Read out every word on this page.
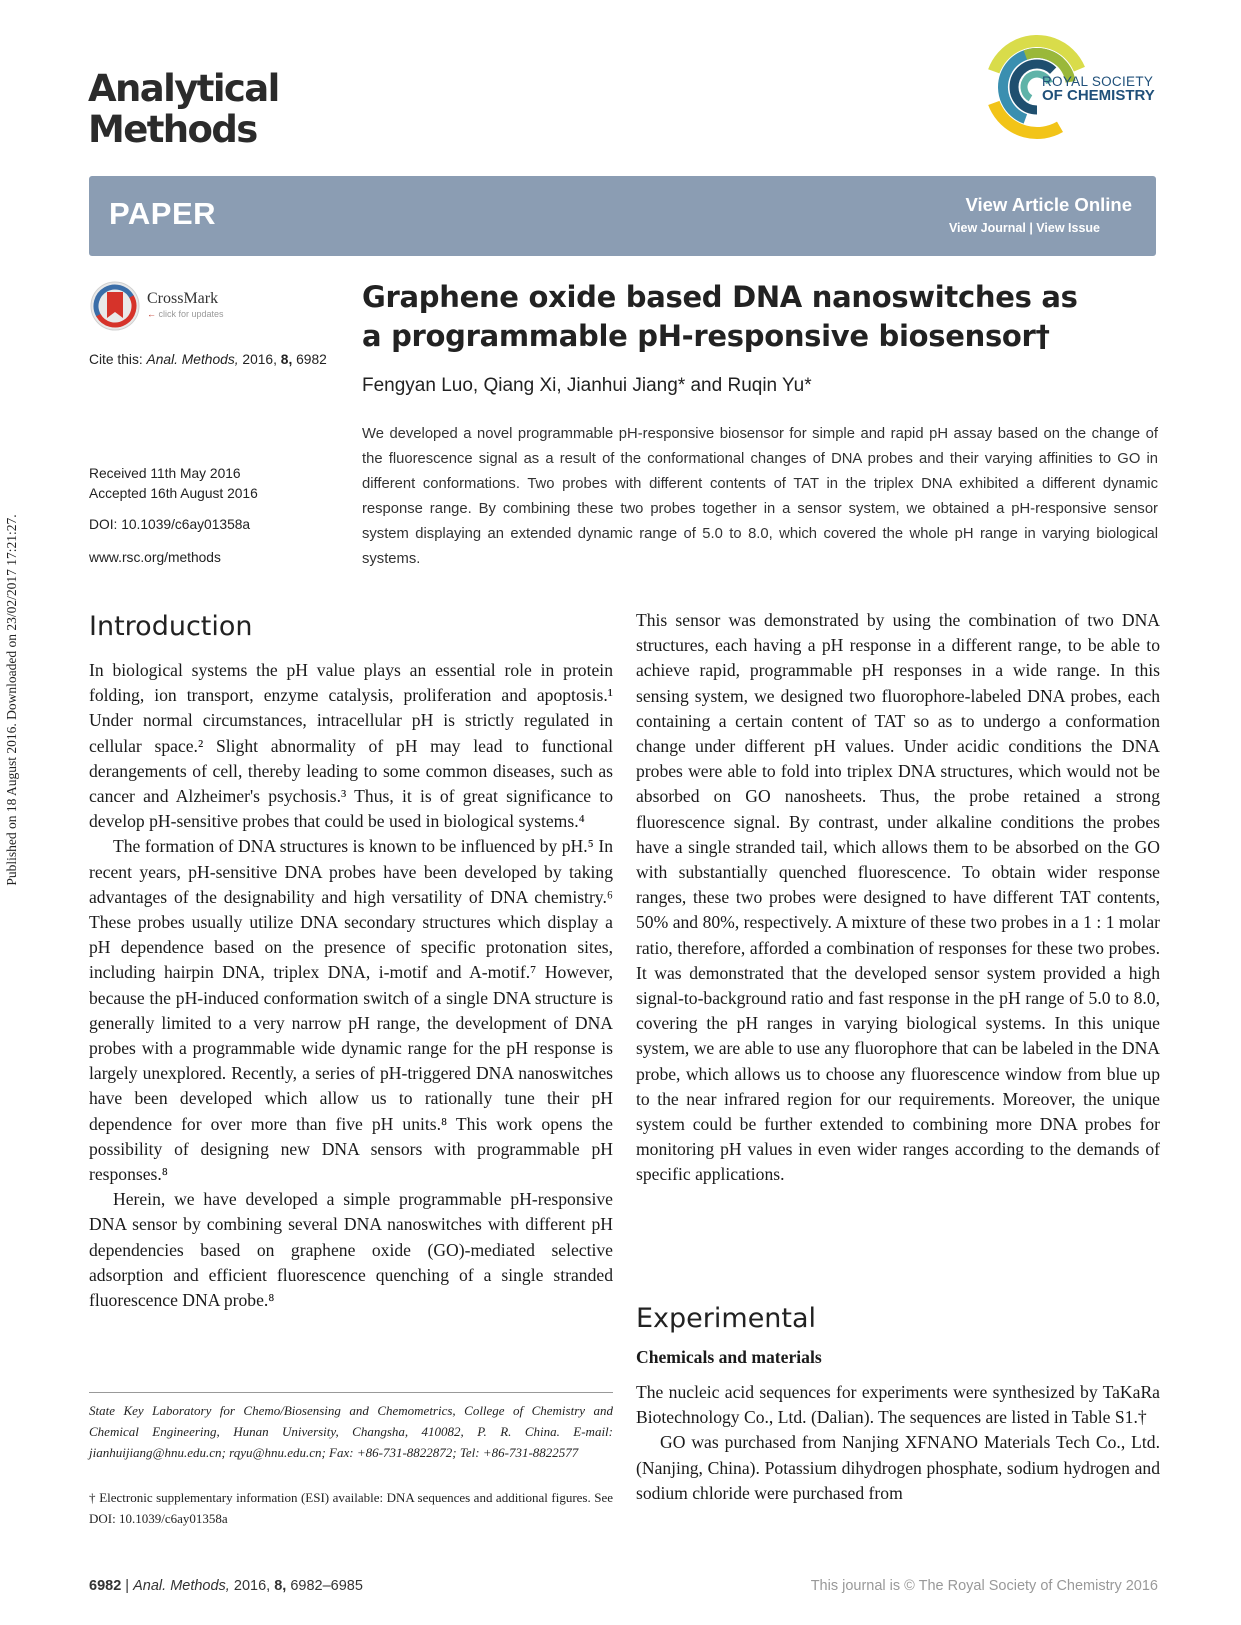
Published on 18 August 2016. Downloaded on 23/02/2017 17:21:27.
Analytical
Methods
ROYAL SOCIETY
OF CHEMISTRY
PAPER	View Article Online
View Journal | View Issue
CrossMark
← click for updates
Cite this: Anal. Methods, 2016, 8, 6982
Received 11th May 2016
Accepted 16th August 2016
DOI: 10.1039/c6ay01358a
www.rsc.org/methods
Graphene oxide based DNA nanoswitches as
a programmable pH-responsive biosensor†
Fengyan Luo, Qiang Xi, Jianhui Jiang* and Ruqin Yu*
We developed a novel programmable pH-responsive biosensor for simple and rapid pH assay based on the change of the fluorescence signal as a result of the conformational changes of DNA probes and their varying affinities to GO in different conformations. Two probes with different contents of TAT in the triplex DNA exhibited a different dynamic response range. By combining these two probes together in a sensor system, we obtained a pH-responsive sensor system displaying an extended dynamic range of 5.0 to 8.0, which covered the whole pH range in varying biological systems.
Introduction

In biological systems the pH value plays an essential role in protein folding, ion transport, enzyme catalysis, proliferation and apoptosis.¹ Under normal circumstances, intracellular pH is strictly regulated in cellular space.² Slight abnormality of pH may lead to functional derangements of cell, thereby leading to some common diseases, such as cancer and Alzheimer's psychosis.³ Thus, it is of great significance to develop pH-sensitive probes that could be used in biological systems.⁴

The formation of DNA structures is known to be influenced by pH.⁵ In recent years, pH-sensitive DNA probes have been developed by taking advantages of the designability and high versatility of DNA chemistry.⁶ These probes usually utilize DNA secondary structures which display a pH dependence based on the presence of specific protonation sites, including hairpin DNA, triplex DNA, i-motif and A-motif.⁷ However, because the pH-induced conformation switch of a single DNA structure is generally limited to a very narrow pH range, the development of DNA probes with a programmable wide dynamic range for the pH response is largely unexplored. Recently, a series of pH-triggered DNA nanoswitches have been developed which allow us to rationally tune their pH dependence for over more than five pH units.⁸ This work opens the possibility of designing new DNA sensors with programmable pH responses.⁸

Herein, we have developed a simple programmable pH-responsive DNA sensor by combining several DNA nanoswitches with different pH dependencies based on graphene oxide (GO)-mediated selective adsorption and efficient fluorescence quenching of a single stranded fluorescence DNA probe.⁸

This sensor was demonstrated by using the combination of two DNA structures, each having a pH response in a different range, to be able to achieve rapid, programmable pH responses in a wide range. In this sensing system, we designed two fluorophore-labeled DNA probes, each containing a certain content of TAT so as to undergo a conformation change under different pH values. Under acidic conditions the DNA probes were able to fold into triplex DNA structures, which would not be absorbed on GO nanosheets. Thus, the probe retained a strong fluorescence signal. By contrast, under alkaline conditions the probes have a single stranded tail, which allows them to be absorbed on the GO with substantially quenched fluorescence. To obtain wider response ranges, these two probes were designed to have different TAT contents, 50% and 80%, respectively. A mixture of these two probes in a 1 : 1 molar ratio, therefore, afforded a combination of responses for these two probes. It was demonstrated that the developed sensor system provided a high signal-to-background ratio and fast response in the pH range of 5.0 to 8.0, covering the pH ranges in varying biological systems. In this unique system, we are able to use any fluorophore that can be labeled in the DNA probe, which allows us to choose any fluorescence window from blue up to the near infrared region for our requirements. Moreover, the unique system could be further extended to combining more DNA probes for monitoring pH values in even wider ranges according to the demands of specific applications.

Experimental
Chemicals and materials

The nucleic acid sequences for experiments were synthesized by TaKaRa Biotechnology Co., Ltd. (Dalian). The sequences are listed in Table S1.†

GO was purchased from Nanjing XFNANO Materials Tech Co., Ltd. (Nanjing, China). Potassium dihydrogen phosphate, sodium hydrogen and sodium chloride were purchased from

State Key Laboratory for Chemo/Biosensing and Chemometrics, College of Chemistry and Chemical Engineering, Hunan University, Changsha, 410082, P. R. China. E-mail: jianhuijiang@hnu.edu.cn; rqyu@hnu.edu.cn; Fax: +86-731-8822872; Tel: +86-731-8822577
† Electronic supplementary information (ESI) available: DNA sequences and additional figures. See DOI: 10.1039/c6ay01358a
6982 | Anal. Methods, 2016, 8, 6982–6985	This journal is © The Royal Society of Chemistry 2016
